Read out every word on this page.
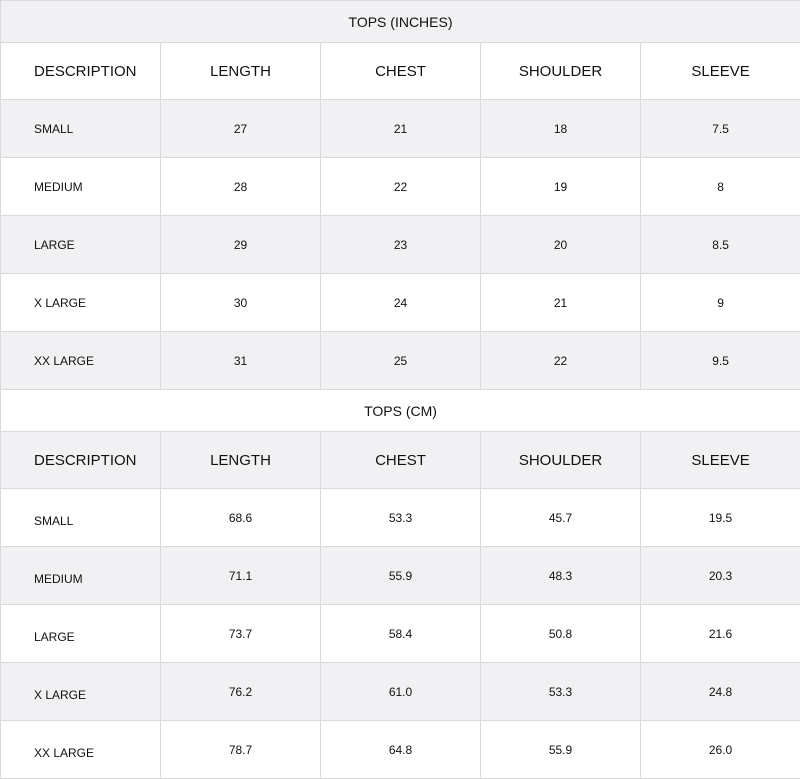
TOPS (INCHES)				
DESCRIPTION	LENGTH	CHEST	SHOULDER	SLEEVE
SMALL	27	21	18	7.5
MEDIUM	28	22	19	8
LARGE	29	23	20	8.5
X LARGE	30	24	21	9
XX LARGE	31	25	22	9.5
TOPS (CM)				
DESCRIPTION	LENGTH	CHEST	SHOULDER	SLEEVE
SMALL	68.6	53.3	45.7	19.5
MEDIUM	71.1	55.9	48.3	20.3
LARGE	73.7	58.4	50.8	21.6
X LARGE	76.2	61.0	53.3	24.8
XX LARGE	78.7	64.8	55.9	26.0
